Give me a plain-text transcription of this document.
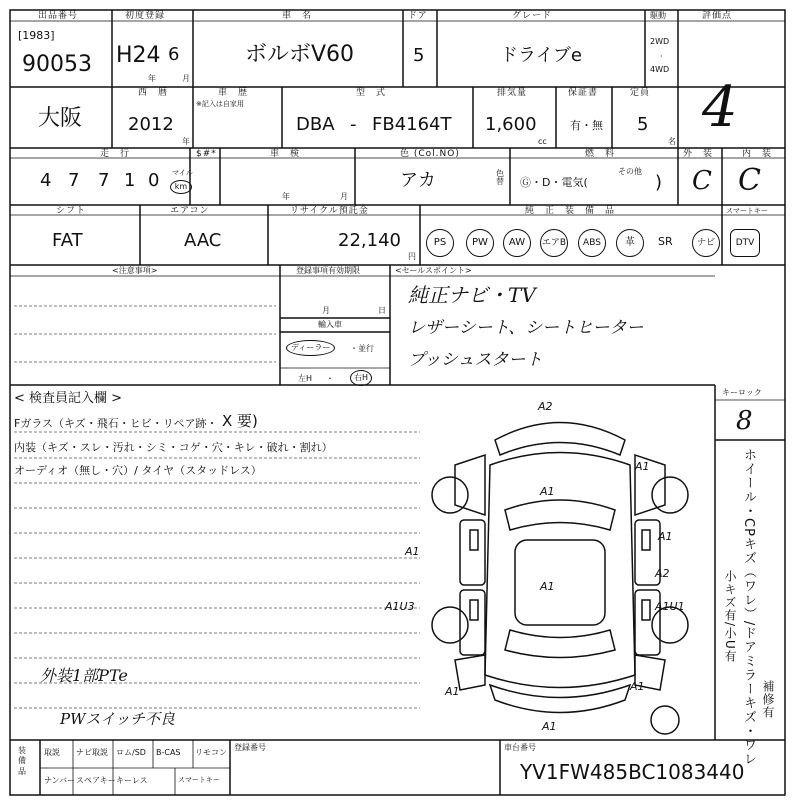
出品番号
[1983]
90053
初度登録
H24 6
年	月
車　名
ボルボV60
ドア
5
グレード
ドライブe
駆動
2WD
·
4WD
評価点
4
大阪
西　暦
2012
年
車　歴
※記入は自家用
型　式
DBA - FB4164T
排気量
1,600
cc
保証書
有・無
定員
5
名
走　行
4 7 7 1 0 マイル
km
$#*	車　検
年	月
色 (Col.NO)
アカ	色替
燃　料
Ⓖ・D・電気(
その他
)
外　装	内　装
C C
シフト
FAT
エアコン
AAC
リサイクル預託金
22,140
円
純　正　装　備　品	スマートキー
PS	PW	AW	エアB	ABS	革	SR	ナビ	DTV
<注意事項>	登録事項有効期限
月	日
輸入車
ディーラー	・並行
左H ・	右H
<セールスポイント>
純正ナビ・TV
レザーシート、シートヒーター
プッシュスタート
< 検査員記入欄 >
Fガラス（キズ・飛石・ヒビ・リペア跡・ X 要)
内装（キズ・スレ・汚れ・シミ・コゲ・穴・キレ・破れ・割れ）
オーディオ（無し・穴）/ タイヤ（スタッドレス）
外装1部PTe
PWスイッチ不良
キーロック
8
ホイール・CPキズ（ワレ）/ドアミラーキズ・ワレ
小キズ有/小U有
補修有
A2
A1
A1
A1
A1
A1
A2
A1U1
A1U3
A1	A1
A1
装備品
取説 ナビ取説 ロム/SD B-CAS リモコン
ナンバー スペアキー キーレス	スマートキー
登録番号	車台番号
YV1FW485BC1083440
